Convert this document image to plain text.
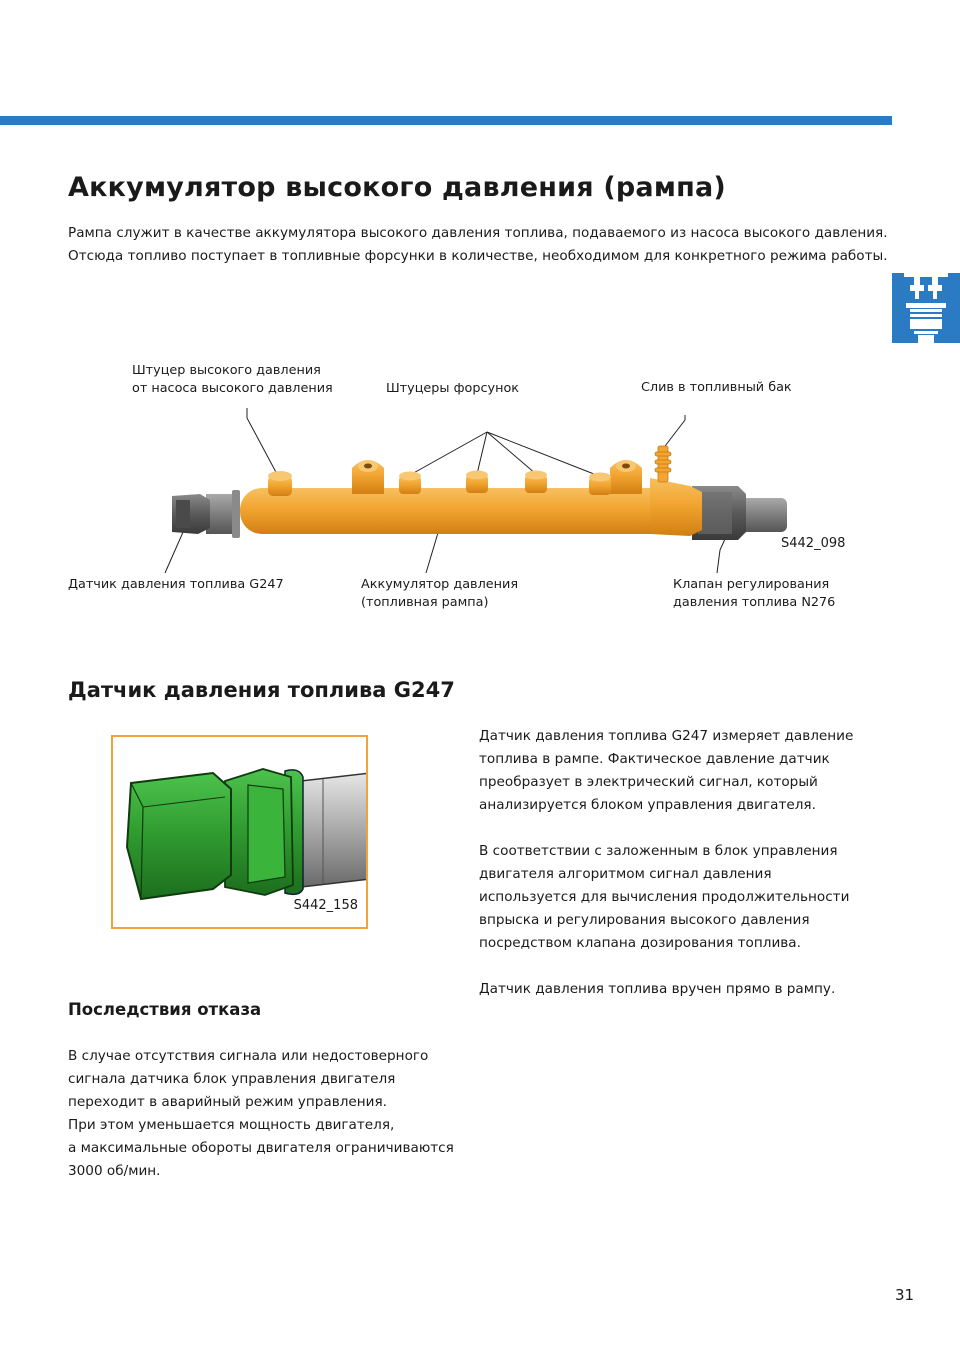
Аккумулятор высокого давления (рампа)

Рампа служит в качестве аккумулятора высокого давления топлива, подаваемого из насоса высокого давления.

Отсюда топливо поступает в топливные форсунки в количестве, необходимом для конкретного режима работы.

Штуцер высокого давления
от насоса высокого давления	Штуцеры форсунок	Слив в топливный бак
Датчик давления топлива G247	Аккумулятор давления
(топливная рампа)
Клапан регулирования
давления топлива N276
S442_098
Датчик давления топлива G247
S442_158

Датчик давления топлива G247 измеряет давление
топлива в рампе. Фактическое давление датчик
преобразует в электрический сигнал, который
анализируется блоком управления двигателя.

В соответствии с заложенным в блок управления
двигателя алгоритмом сигнал давления
используется для вычисления продолжительности
впрыска и регулирования высокого давления
посредством клапана дозирования топлива.

Датчик давления топлива вручен прямо в рампу.

Последствия отказа
В случае отсутствия сигнала или недостоверного
сигнала датчика блок управления двигателя
переходит в аварийный режим управления.
При этом уменьшается мощность двигателя,
а максимальные обороты двигателя ограничиваются
3000 об/мин.
31
